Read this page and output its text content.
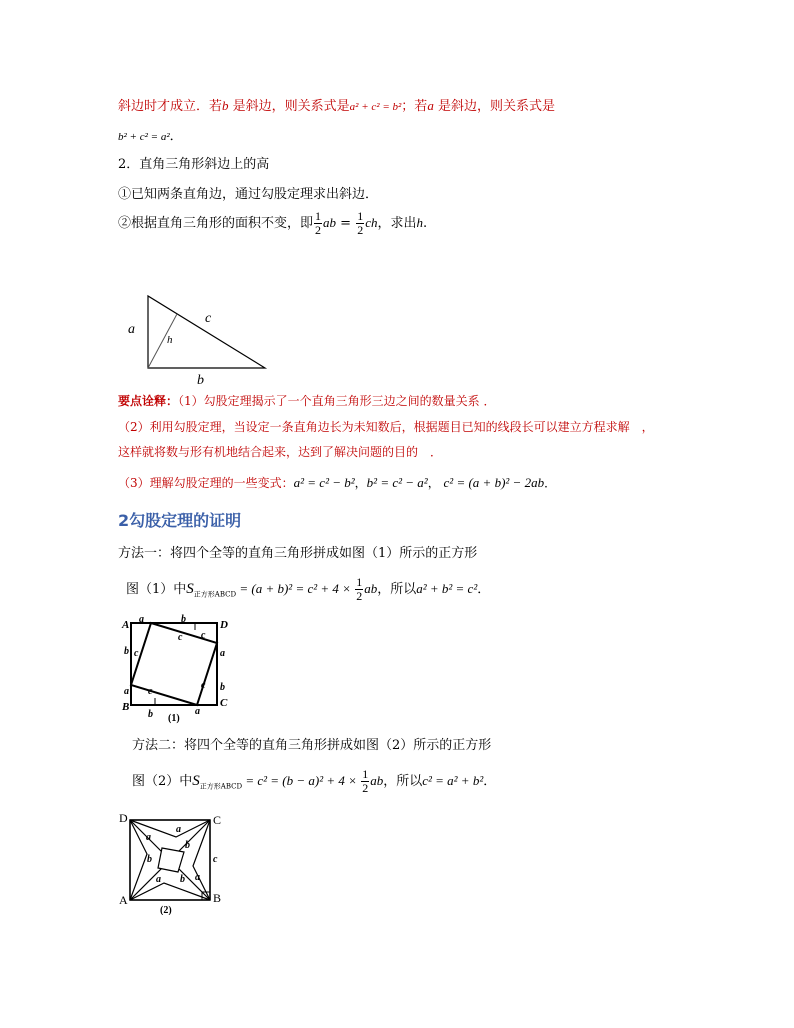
斜边时才成立．若b 是斜边，则关系式是a² + c² = b²；若a 是斜边，则关系式是
b² + c² = a²．
2．直角三角形斜边上的高
①已知两条直角边，通过勾股定理求出斜边．
②根据直角三角形的面积不变，即 $\frac{1}{2}$ ab = $\frac{1}{2}$ ch，求出h.
a
c
h
b
要点诠释：（1）勾股定理揭示了一个直角三角形三边之间的数量关系 ．
（2）利用勾股定理，当设定一条直角边长为未知数后，根据题目已知的线段长可以建立方程求解　，
这样就将数与形有机地结合起来，达到了解决问题的目的　．
（3）理解勾股定理的一些变式：a² = c² − b²，b² = c² − a²， c² = (a + b)² − 2ab．
2勾股定理的证明
方法一：将四个全等的直角三角形拼成如图（1）所示的正方形
图（1）中$S_{正方形ABCD} = (a + b)^2 = c^2 + 4 \times \frac{1}{2}$ ab，所以a² + b² = c²．
A	D
B	C
a	b
c
c
b c
a
a
b
c
c
b	a
(1)
方法二：将四个全等的直角三角形拼成如图（2）所示的正方形
图（2）中$S_{正方形ABCD} = c^2 = (b - a)^2 + 4 \times \frac{1}{2}$ ab，所以c² = a² + b²．
D	C
A	B
a
a
b
b
c
a b a
(2)
